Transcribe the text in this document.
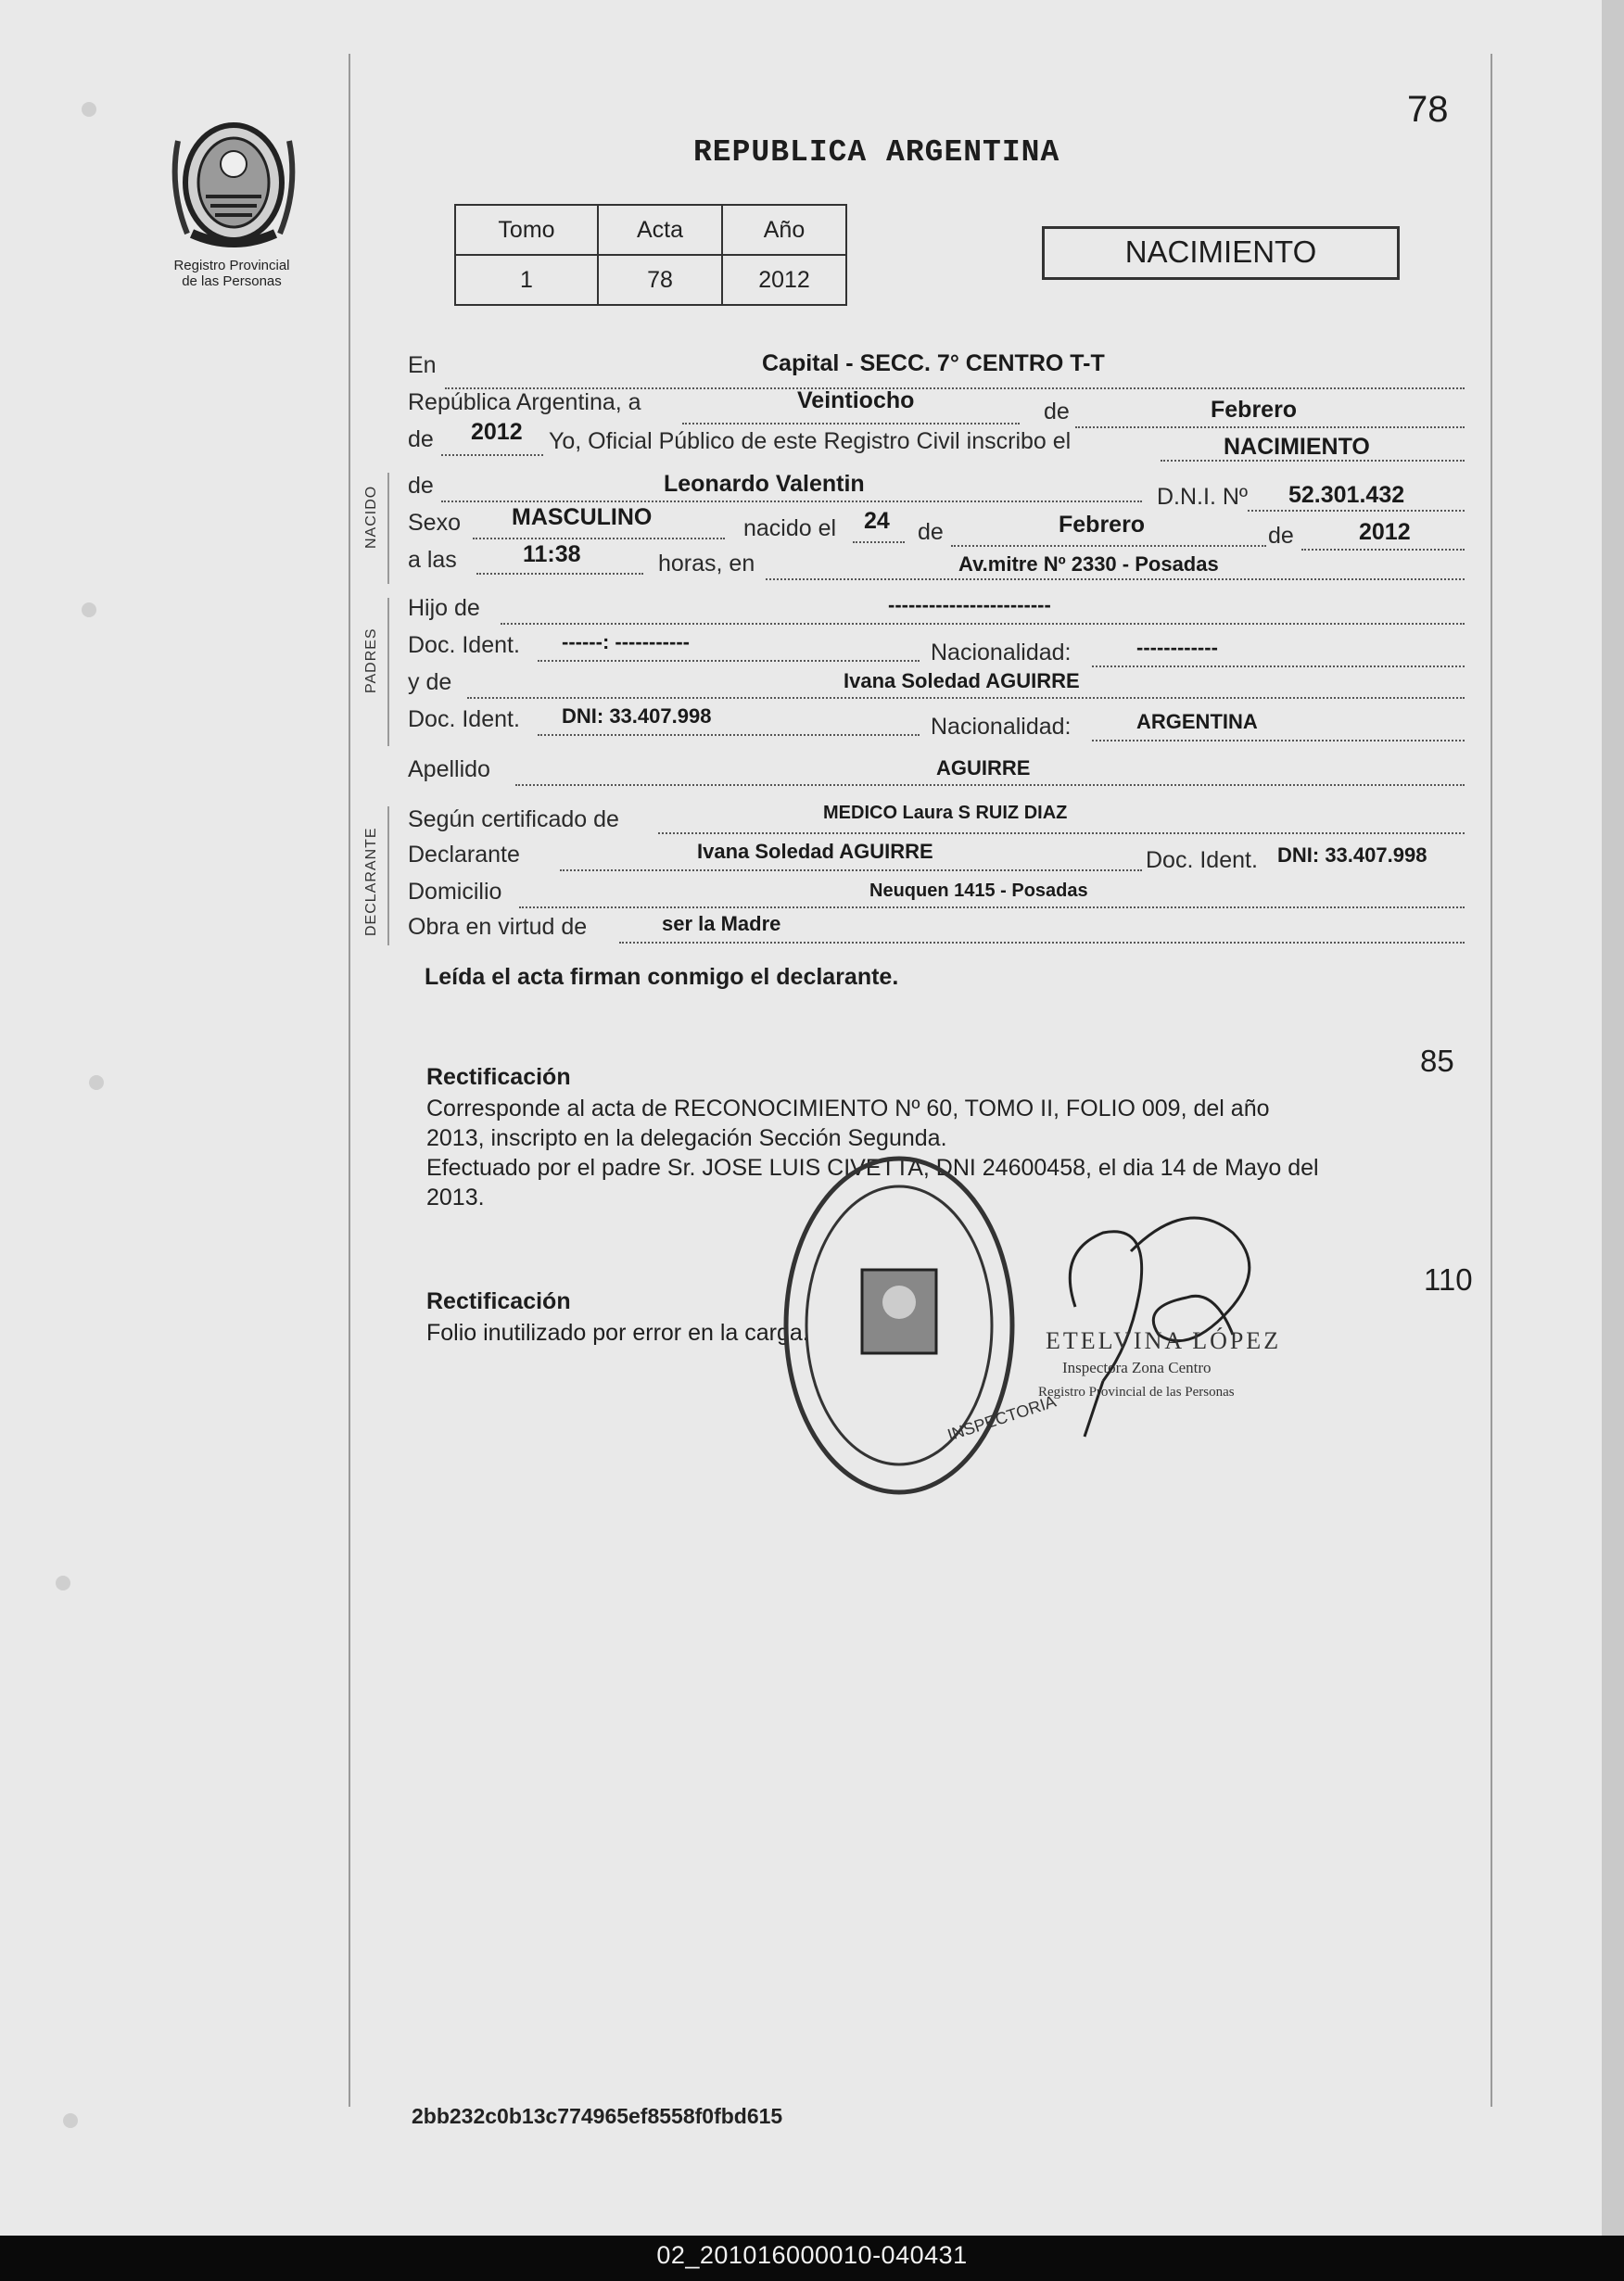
Registro Provincial
de las Personas
78
REPUBLICA ARGENTINA
Tomo	Acta	Año
1	78	2012
NACIMIENTO
NACIDO
PADRES
DECLARANTE
En	Capital - SECC. 7° CENTRO T-T
República Argentina, a	Veintiocho	de	Febrero
de 2012 Yo, Oficial Público de este Registro Civil inscribo el	NACIMIENTO
de	Leonardo Valentin	D.N.I. Nº 52.301.432
Sexo MASCULINO	nacido el 24 de	Febrero	de	2012
a las	11:38	horas, en	Av.mitre Nº 2330 - Posadas
Hijo de	------------------------
Doc. Ident. ------: -----------	Nacionalidad:	------------
y de	Ivana Soledad AGUIRRE
Doc. Ident. DNI: 33.407.998	Nacionalidad:	ARGENTINA
Apellido	AGUIRRE
Según certificado de	MEDICO Laura S RUIZ DIAZ
Declarante	Ivana Soledad AGUIRRE	Doc. Ident. DNI: 33.407.998
Domicilio	Neuquen 1415 - Posadas
Obra en virtud de	ser la Madre
Leída el acta firman conmigo el declarante.
85
Rectificación
Corresponde al acta de RECONOCIMIENTO Nº 60, TOMO II, FOLIO 009, del año
2013, inscripto en la delegación Sección Segunda.
Efectuado por el padre Sr. JOSE LUIS CIVETTA, DNI 24600458, el dia 14 de Mayo del
2013.
110
Rectificación
Folio inutilizado por error en la carga.
INSPECTORIA
ETELVINA LÓPEZ
Inspectora Zona Centro
Registro Provincial de las Personas
2bb232c0b13c774965ef8558f0fbd615
02_201016000010-040431
